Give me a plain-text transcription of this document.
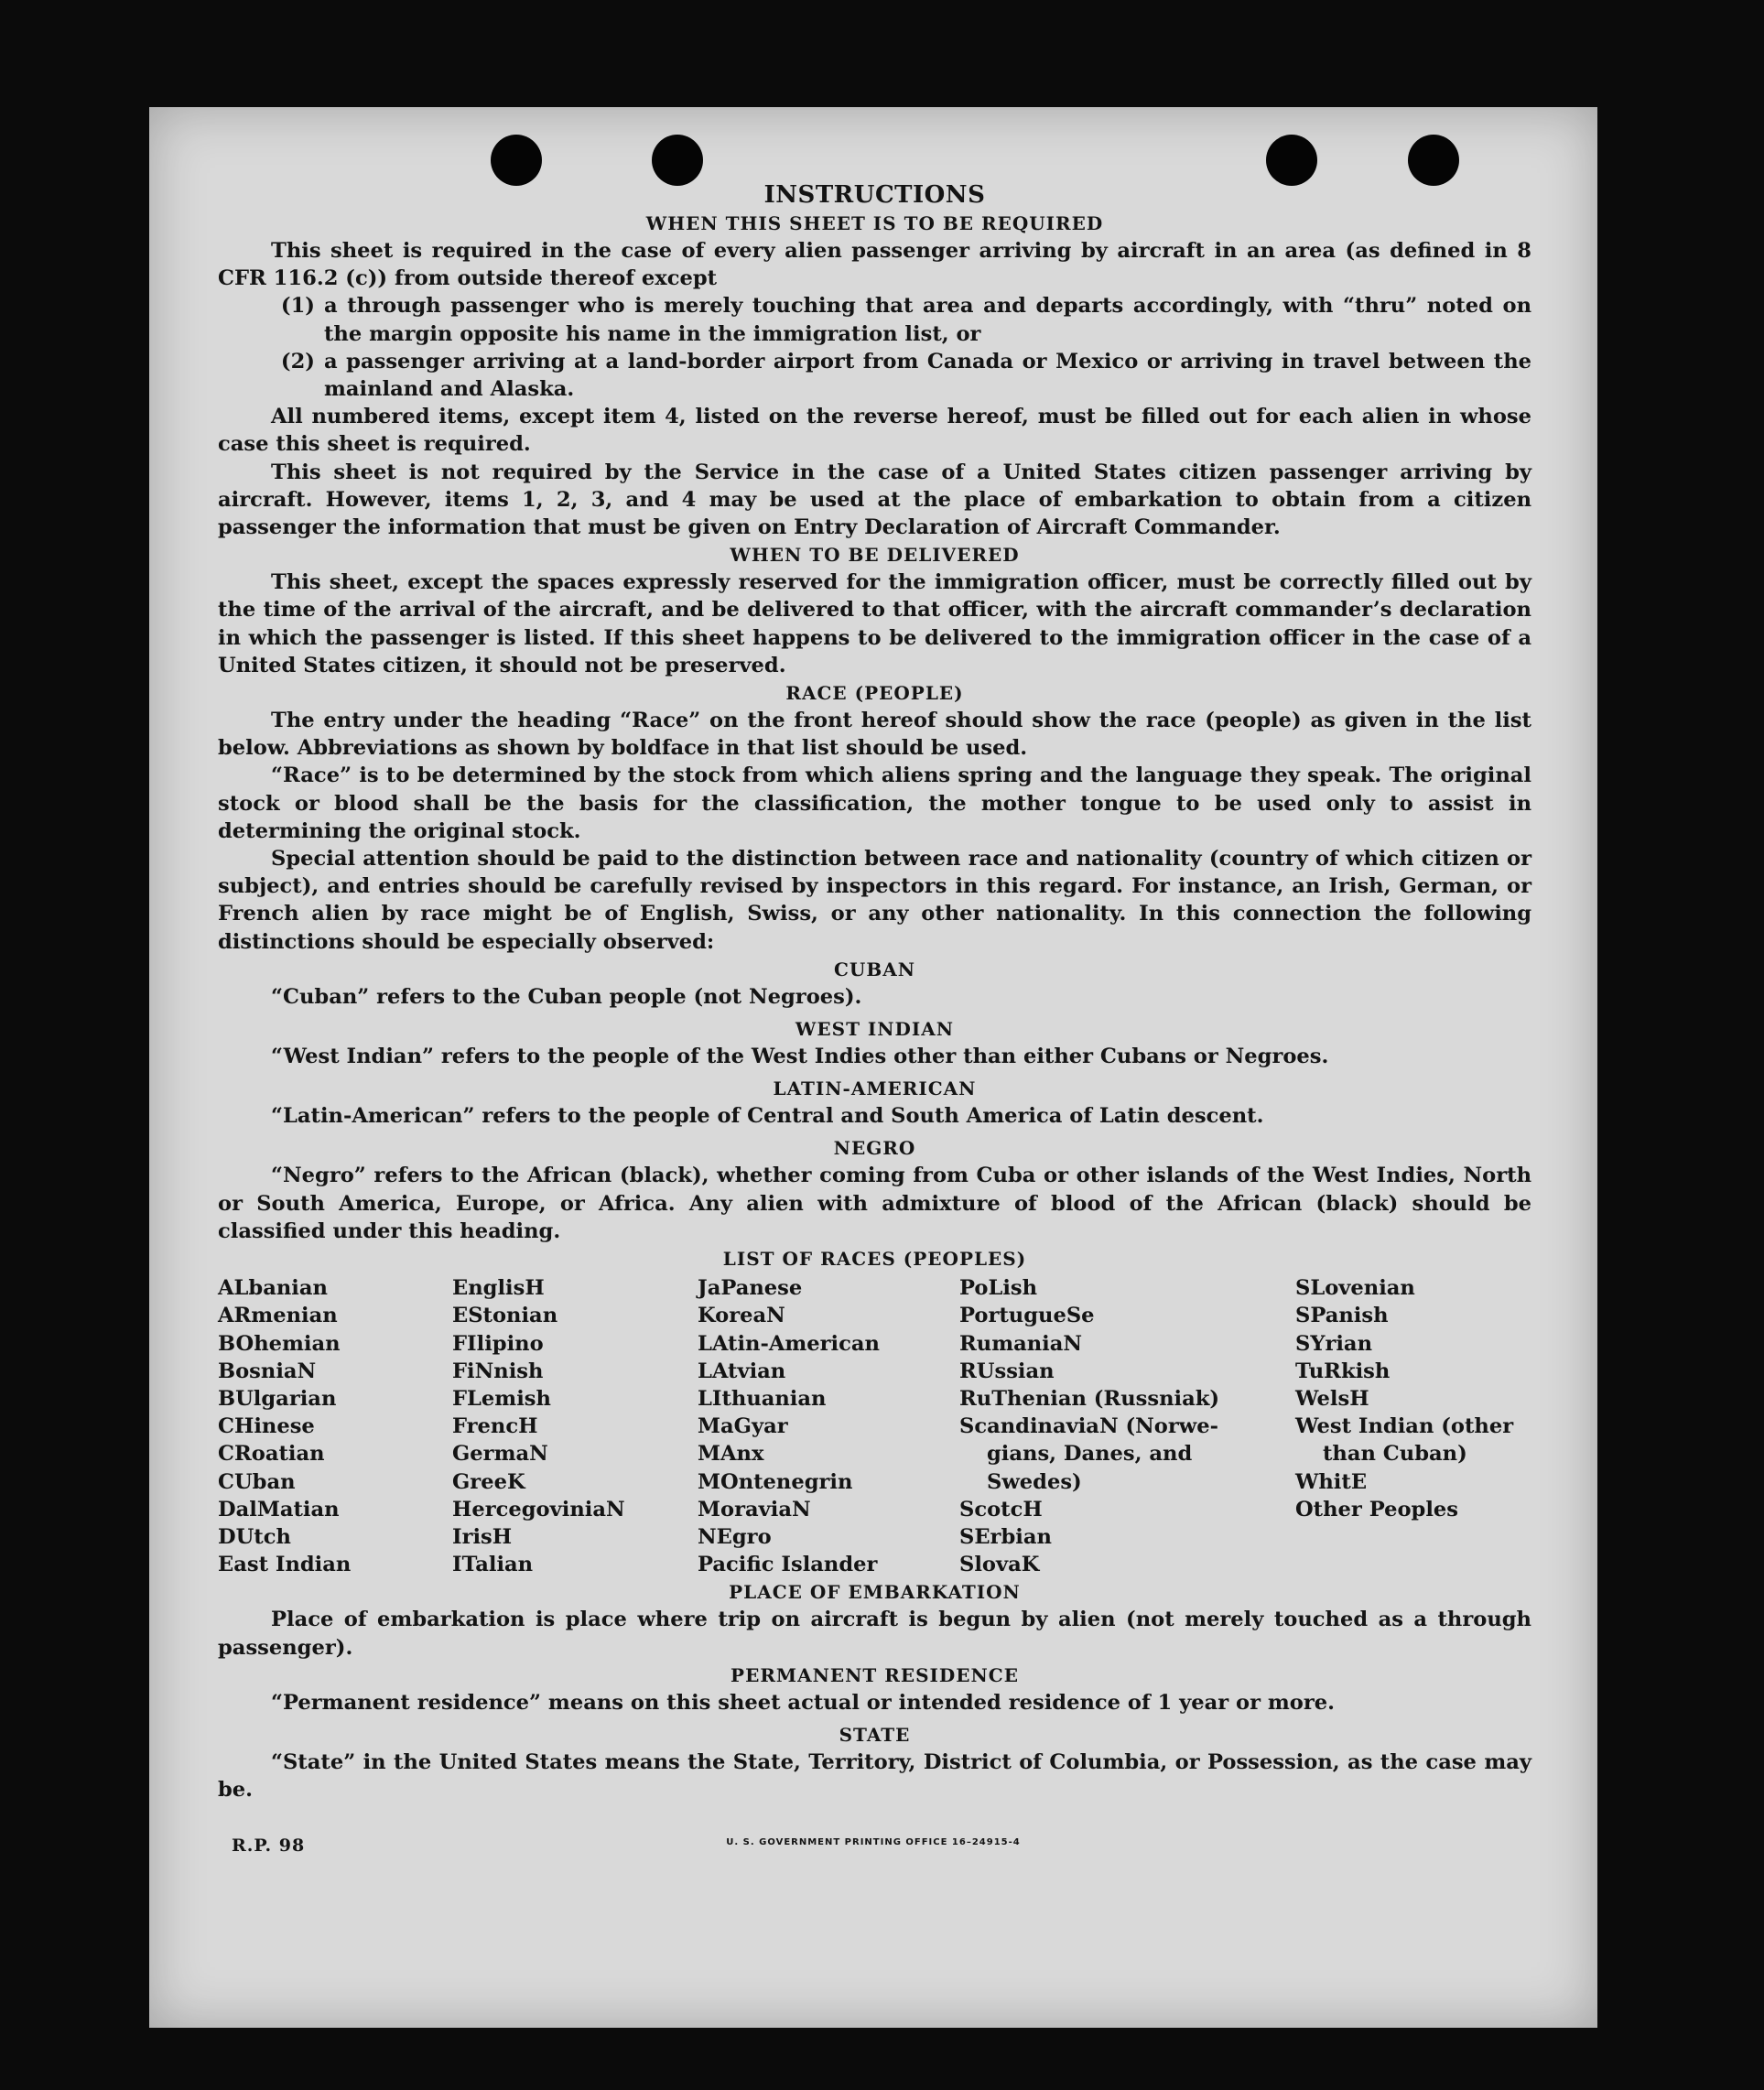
INSTRUCTIONS
WHEN THIS SHEET IS TO BE REQUIRED

This sheet is required in the case of every alien passenger arriving by aircraft in an area (as defined in 8 CFR 116.2 (c)) from outside thereof except

(1) a through passenger who is merely touching that area and departs accordingly, with “thru” noted on the margin opposite his name in the immigration list, or

(2) a passenger arriving at a land-border airport from Canada or Mexico or arriving in travel between the mainland and Alaska.

All numbered items, except item 4, listed on the reverse hereof, must be filled out for each alien in whose case this sheet is required.

This sheet is not required by the Service in the case of a United States citizen passenger arriving by aircraft. However, items 1, 2, 3, and 4 may be used at the place of embarkation to obtain from a citizen passenger the information that must be given on Entry Declaration of Aircraft Commander.

WHEN TO BE DELIVERED

This sheet, except the spaces expressly reserved for the immigration officer, must be correctly filled out by the time of the arrival of the aircraft, and be delivered to that officer, with the aircraft commander’s declaration in which the passenger is listed. If this sheet happens to be delivered to the immigration officer in the case of a United States citizen, it should not be preserved.

RACE (PEOPLE)

The entry under the heading “Race” on the front hereof should show the race (people) as given in the list below. Abbreviations as shown by boldface in that list should be used.

“Race” is to be determined by the stock from which aliens spring and the language they speak. The original stock or blood shall be the basis for the classification, the mother tongue to be used only to assist in determining the original stock.

Special attention should be paid to the distinction between race and nationality (country of which citizen or subject), and entries should be carefully revised by inspectors in this regard. For instance, an Irish, German, or French alien by race might be of English, Swiss, or any other nationality. In this connection the following distinctions should be especially observed:

CUBAN

“Cuban” refers to the Cuban people (not Negroes).

WEST INDIAN

“West Indian” refers to the people of the West Indies other than either Cubans or Negroes.

LATIN-AMERICAN

“Latin-American” refers to the people of Central and South America of Latin descent.

NEGRO

“Negro” refers to the African (black), whether coming from Cuba or other islands of the West Indies, North or South America, Europe, or Africa. Any alien with admixture of blood of the African (black) should be classified under this heading.

LIST OF RACES (PEOPLES)
ALbanian
ARmenian
BOhemian
BosniaN
BUlgarian
CHinese
CRoatian
CUban
DalMatian
DUtch
East Indian
EnglisH
EStonian
FIlipino
FiNnish
FLemish
FrencH
GermaN
GreeK
HercegoviniaN
IrisH
ITalian
JaPanese
KoreaN
LAtin-American
LAtvian
LIthuanian
MaGyar
MAnx
MOntenegrin
MoraviaN
NEgro
Pacific Islander
PoLish
PortugueSe
RumaniaN
RUssian
RuThenian (Russniak)
ScandinaviaN (Norwe-
gians, Danes, and
Swedes)
ScotcH
SErbian
SlovaK
SLovenian
SPanish
SYrian
TuRkish
WelsH
West Indian (other
than Cuban)
WhitE
Other Peoples
PLACE OF EMBARKATION

Place of embarkation is place where trip on aircraft is begun by alien (not merely touched as a through passenger).

PERMANENT RESIDENCE

“Permanent residence” means on this sheet actual or intended residence of 1 year or more.

STATE

“State” in the United States means the State, Territory, District of Columbia, or Possession, as the case may be.

R.P. 98	U. S. GOVERNMENT PRINTING OFFICE 16–24915-4
